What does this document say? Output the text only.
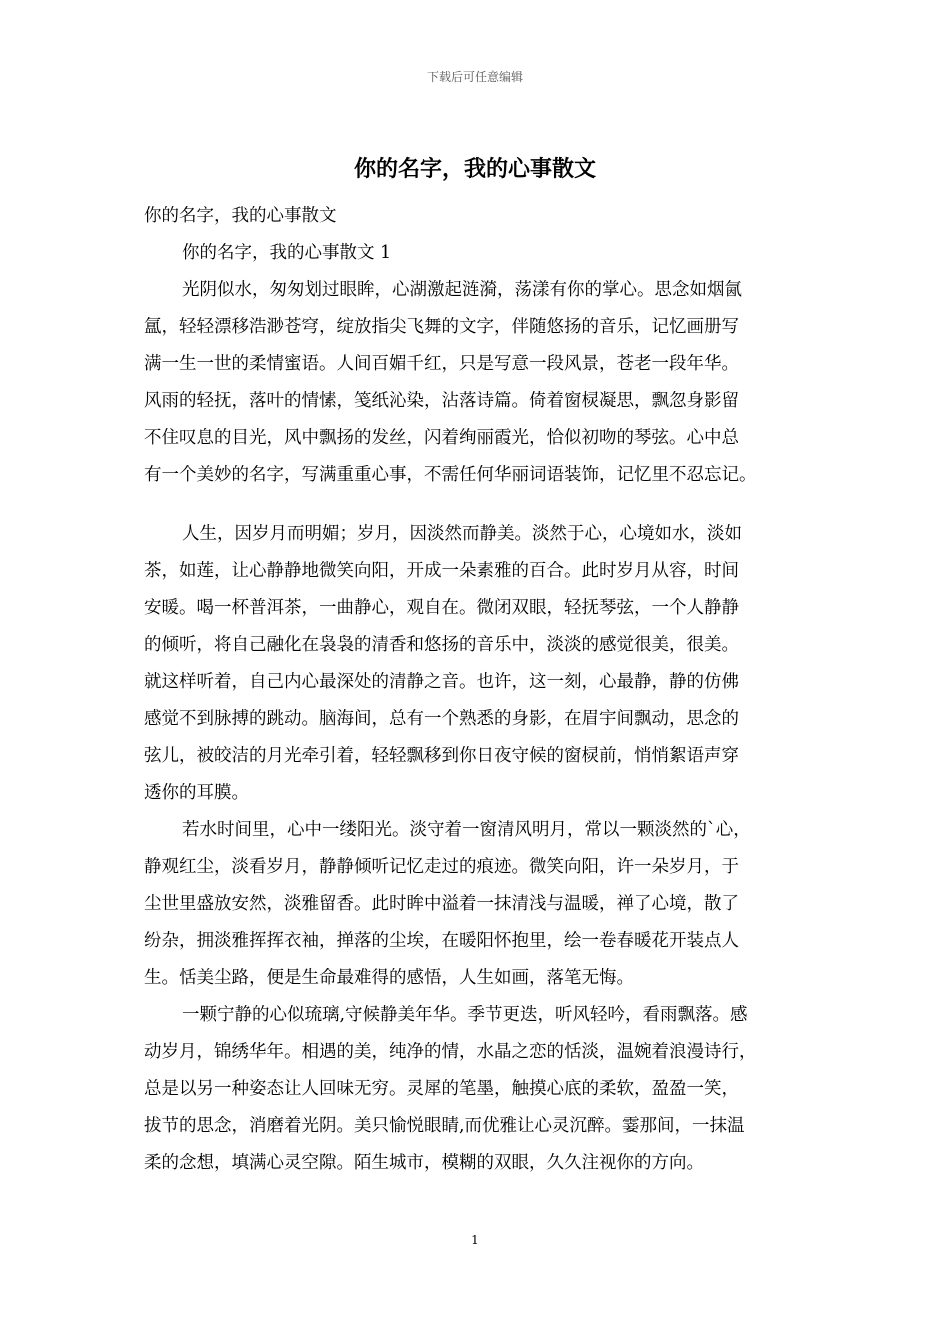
下载后可任意编辑
你的名字，我的心事散文
你的名字，我的心事散文
你的名字，我的心事散文 1
光阴似水，匆匆划过眼眸，心湖激起涟漪，荡漾有你的掌心。思念如烟氤
氲，轻轻漂移浩渺苍穹，绽放指尖飞舞的文字，伴随悠扬的音乐，记忆画册写
满一生一世的柔情蜜语。人间百媚千红，只是写意一段风景，苍老一段年华。
风雨的轻抚，落叶的情愫，笺纸沁染，沾落诗篇。倚着窗棂凝思，飘忽身影留
不住叹息的目光，风中飘扬的发丝，闪着绚丽霞光，恰似初吻的琴弦。心中总
有一个美妙的名字，写满重重心事，不需任何华丽词语装饰，记忆里不忍忘记。
人生，因岁月而明媚；岁月，因淡然而静美。淡然于心，心境如水，淡如
茶，如莲，让心静静地微笑向阳，开成一朵素雅的百合。此时岁月从容，时间
安暖。喝一杯普洱茶，一曲静心，观自在。微闭双眼，轻抚琴弦，一个人静静
的倾听，将自己融化在袅袅的清香和悠扬的音乐中，淡淡的感觉很美，很美。
就这样听着，自己内心最深处的清静之音。也许，这一刻，心最静，静的仿佛
感觉不到脉搏的跳动。脑海间，总有一个熟悉的身影，在眉宇间飘动，思念的
弦儿，被皎洁的月光牵引着，轻轻飘移到你日夜守候的窗棂前，悄悄絮语声穿
透你的耳膜。
若水时间里，心中一缕阳光。淡守着一窗清风明月，常以一颗淡然的`心，
静观红尘，淡看岁月，静静倾听记忆走过的痕迹。微笑向阳，许一朵岁月，于
尘世里盛放安然，淡雅留香。此时眸中溢着一抹清浅与温暖，禅了心境，散了
纷杂，拥淡雅挥挥衣袖，掸落的尘埃，在暖阳怀抱里，绘一卷春暖花开装点人
生。恬美尘路，便是生命最难得的感悟，人生如画，落笔无悔。
一颗宁静的心似琉璃,守候静美年华。季节更迭，听风轻吟，看雨飘落。感
动岁月，锦绣华年。相遇的美，纯净的情，水晶之恋的恬淡，温婉着浪漫诗行，
总是以另一种姿态让人回味无穷。灵犀的笔墨，触摸心底的柔软，盈盈一笑，
拔节的思念，消磨着光阴。美只愉悦眼睛,而优雅让心灵沉醉。霎那间，一抹温
柔的念想，填满心灵空隙。陌生城市，模糊的双眼，久久注视你的方向。
1
